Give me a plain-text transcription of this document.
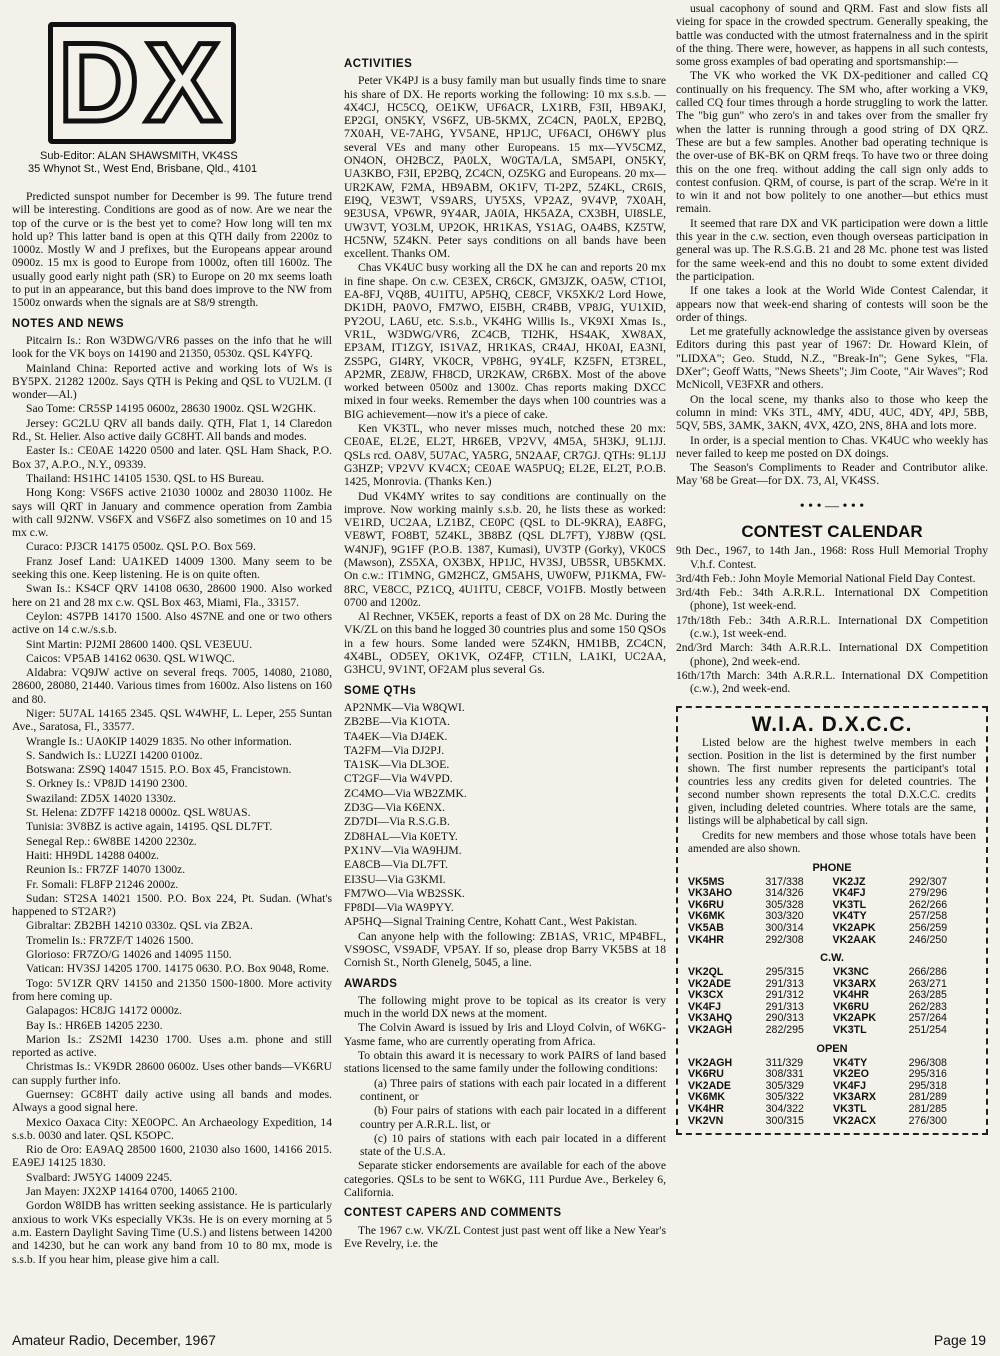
DX
Sub-Editor: ALAN SHAWSMITH, VK4SS
35 Whynot St., West End, Brisbane, Qld., 4101

Predicted sunspot number for December is 99. The future trend will be interesting. Conditions are good as of now. Are we near the top of the curve or is the best yet to come? How long will ten mx hold up? This latter band is open at this QTH daily from 2200z to 1000z. Mostly W and J prefixes, but the Europeans appear around 0900z. 15 mx is good to Europe from 1000z, often till 1600z. The usually good early night path (SR) to Europe on 20 mx seems loath to put in an appearance, but this band does improve to the NW from 1500z onwards when the signals are at S8/9 strength.

NOTES AND NEWS

Pitcairn Is.: Ron W3DWG/VR6 passes on the info that he will look for the VK boys on 14190 and 21350, 0530z. QSL K4YFQ.

Mainland China: Reported active and working lots of Ws is BY5PX. 21282 1200z. Says QTH is Peking and QSL to VU2LM. (I wonder—Al.)

Sao Tome: CR5SP 14195 0600z, 28630 1900z. QSL W2GHK.

Jersey: GC2LU QRV all bands daily. QTH, Flat 1, 14 Claredon Rd., St. Helier. Also active daily GC8HT. All bands and modes.

Easter Is.: CE0AE 14220 0500 and later. QSL Ham Shack, P.O. Box 37, A.P.O., N.Y., 09339.

Thailand: HS1HC 14105 1530. QSL to HS Bureau.

Hong Kong: VS6FS active 21030 1000z and 28030 1100z. He says will QRT in January and commence operation from Zambia with call 9J2NW. VS6FX and VS6FZ also sometimes on 10 and 15 mx c.w.

Curaco: PJ3CR 14175 0500z. QSL P.O. Box 569.

Franz Josef Land: UA1KED 14009 1300. Many seem to be seeking this one. Keep listening. He is on quite often.

Swan Is.: KS4CF QRV 14108 0630, 28600 1900. Also worked here on 21 and 28 mx c.w. QSL Box 463, Miami, Fla., 33157.

Ceylon: 4S7PB 14170 1500. Also 4S7NE and one or two others active on 14 c.w./s.s.b.

Sint Martin: PJ2MI 28600 1400. QSL VE3EUU.

Caicos: VP5AB 14162 0630. QSL W1WQC.

Aldabra: VQ9JW active on several freqs. 7005, 14080, 21080, 28600, 28080, 21440. Various times from 1600z. Also listens on 160 and 80.

Niger: 5U7AL 14165 2345. QSL W4WHF, L. Leper, 255 Suntan Ave., Saratosa, Fl., 33577.

Wrangle Is.: UA0KIP 14029 1835. No other information.

S. Sandwich Is.: LU2ZI 14200 0100z.

Botswana: ZS9Q 14047 1515. P.O. Box 45, Francistown.

S. Orkney Is.: VP8JD 14190 2300.

Swaziland: ZD5X 14020 1330z.

St. Helena: ZD7FF 14218 0000z. QSL W8UAS.

Tunisia: 3V8BZ is active again, 14195. QSL DL7FT.

Senegal Rep.: 6W8BE 14200 2230z.

Haiti: HH9DL 14288 0400z.

Reunion Is.: FR7ZF 14070 1300z.

Fr. Somali: FL8FP 21246 2000z.

Sudan: ST2SA 14021 1500. P.O. Box 224, Pt. Sudan. (What's happened to ST2AR?)

Gibraltar: ZB2BH 14210 0330z. QSL via ZB2A.

Tromelin Is.: FR7ZF/T 14026 1500.

Glorioso: FR7ZO/G 14026 and 14095 1150.

Vatican: HV3SJ 14205 1700. 14175 0630. P.O. Box 9048, Rome.

Togo: 5V1ZR QRV 14150 and 21350 1500-1800. More activity from here coming up.

Galapagos: HC8JG 14172 0000z.

Bay Is.: HR6EB 14205 2230.

Marion Is.: ZS2MI 14230 1700. Uses a.m. phone and still reported as active.

Christmas Is.: VK9DR 28600 0600z. Uses other bands—VK6RU can supply further info.

Guernsey: GC8HT daily active using all bands and modes. Always a good signal here.

Mexico Oaxaca City: XE0OPC. An Archaeology Expedition, 14 s.s.b. 0030 and later. QSL K5OPC.

Rio de Oro: EA9AQ 28500 1600, 21030 also 1600, 14166 2015. EA9EJ 14125 1830.

Svalbard: JW5YG 14009 2245.

Jan Mayen: JX2XP 14164 0700, 14065 2100.

Gordon W8IDB has written seeking assistance. He is particularly anxious to work VKs especially VK3s. He is on every morning at 5 a.m. Eastern Daylight Saving Time (U.S.) and listens between 14200 and 14230, but he can work any band from 10 to 80 mx, mode is s.s.b. If you hear him, please give him a call.

ACTIVITIES

Peter VK4PJ is a busy family man but usually finds time to snare his share of DX. He reports working the following: 10 mx s.s.b. —4X4CJ, HC5CQ, OE1KW, UF6ACR, LX1RB, F3II, HB9AKJ, EP2GI, ON5KY, VS6FZ, UB-5KMX, ZC4CN, PA0LX, EP2BQ, 7X0AH, VE-7AHG, YV5ANE, HP1JC, UF6ACI, OH6WY plus several VEs and many other Europeans. 15 mx—YV5CMZ, ON4ON, OH2BCZ, PA0LX, W0GTA/LA, SM5API, ON5KY, UA3KBO, F3II, EP2BQ, ZC4CN, OZ5KG and Europeans. 20 mx—UR2KAW, F2MA, HB9ABM, OK1FV, TI-2PZ, 5Z4KL, CR6IS, EI9Q, VE3WT, VS9ARS, UY5XS, VP2AZ, 9V4VP, 7X0AH, 9E3USA, VP6WR, 9Y4AR, JA0IA, HK5AZA, CX3BH, UI8SLE, UW3VT, YO3LM, UP2OK, HR1KAS, YS1AG, OA4BS, KZ5TW, HC5NW, 5Z4KN. Peter says conditions on all bands have been excellent. Thanks OM.

Chas VK4UC busy working all the DX he can and reports 20 mx in fine shape. On c.w. CE3EX, CR6CK, GM3JZK, OA5W, CT1OI, EA-8FJ, VQ8B, 4U1ITU, AP5HQ, CE8CF, VK5XK/2 Lord Howe, DK1DH, PA0VO, FM7WO, EI5BH, CR4BB, VP8JG, YU1XID, PY2OU, LA6U, etc. S.s.b., VK4HG Willis Is., VK9XI Xmas Is., VR1L, W3DWG/VR6, ZC4CB, TI2HK, HS4AK, XW8AX, EP3AM, IT1ZGY, IS1VAZ, HR1KAS, CR4AJ, HK0AI, EA3NI, ZS5PG, GI4RY, VK0CR, VP8HG, 9Y4LF, KZ5FN, ET3REL, AP2MR, ZE8JW, FH8CD, UR2KAW, CR6BX. Most of the above worked between 0500z and 1300z. Chas reports making DXCC mixed in four weeks. Remember the days when 100 countries was a BIG achievement—now it's a piece of cake.

Ken VK3TL, who never misses much, notched these 20 mx: CE0AE, EL2E, EL2T, HR6EB, VP2VV, 4M5A, 5H3KJ, 9L1JJ. QSLs rcd. OA8V, 5U7AC, YA5RG, 5N2AAF, CR7GJ. QTHs: 9L1JJ G3HZP; VP2VV KV4CX; CE0AE WA5PUQ; EL2E, EL2T, P.O.B. 1425, Monrovia. (Thanks Ken.)

Dud VK4MY writes to say conditions are continually on the improve. Now working mainly s.s.b. 20, he lists these as worked: VE1RD, UC2AA, LZ1BZ, CE0PC (QSL to DL-9KRA), EA8FG, VE8WT, FO8BT, 5Z4KL, 3B8BZ (QSL DL7FT), YJ8BW (QSL W4NJF), 9G1FF (P.O.B. 1387, Kumasi), UV3TP (Gorky), VK0CS (Mawson), ZS5XA, OX3BX, HP1JC, HV3SJ, UB5SR, UB5KMX. On c.w.: IT1MNG, GM2HCZ, GM5AHS, UW0FW, PJ1KMA, FW-8RC, VE8CC, PZ1CQ, 4U1ITU, CE8CF, VO1FB. Mostly between 0700 and 1200z.

Al Rechner, VK5EK, reports a feast of DX on 28 Mc. During the VK/ZL on this band he logged 30 countries plus and some 150 QSOs in a few hours. Some landed were 5Z4KN, HM1BB, ZC4CN, 4X4BL, OD5EY, OK1VK, OZ4FP, CT1LN, LA1KI, UC2AA, G3HCU, 9V1NT, OF2AM plus several Gs.

SOME QTHs

AP2NMK—Via W8QWI.

ZB2BE—Via K1OTA.

TA4EK—Via DJ4EK.

TA2FM—Via DJ2PJ.

TA1SK—Via DL3OE.

CT2GF—Via W4VPD.

ZC4MO—Via WB2ZMK.

ZD3G—Via K6ENX.

ZD7DI—Via R.S.G.B.

ZD8HAL—Via K0ETY.

PX1NV—Via WA9HJM.

EA8CB—Via DL7FT.

EI3SU—Via G3KMI.

FM7WO—Via WB2SSK.

FP8DI—Via WA9PYY.

AP5HQ—Signal Training Centre, Kohatt Cant., West Pakistan.

Can anyone help with the following: ZB1AS, VR1C, MP4BFL, VS9OSC, VS9ADF, VP5AY. If so, please drop Barry VK5BS at 18 Cornish St., North Glenelg, 5045, a line.

AWARDS

The following might prove to be topical as its creator is very much in the world DX news at the moment.

The Colvin Award is issued by Iris and Lloyd Colvin, of W6KG-Yasme fame, who are currently operating from Africa.

To obtain this award it is necessary to work PAIRS of land based stations licensed to the same family under the following conditions:

(a) Three pairs of stations with each pair located in a different continent, or

(b) Four pairs of stations with each pair located in a different country per A.R.R.L. list, or

(c) 10 pairs of stations with each pair located in a different state of the U.S.A.

Separate sticker endorsements are available for each of the above categories. QSLs to be sent to W6KG, 111 Purdue Ave., Berkeley 6, California.

CONTEST CAPERS AND COMMENTS

The 1967 c.w. VK/ZL Contest just past went off like a New Year's Eve Revelry, i.e. the

usual cacophony of sound and QRM. Fast and slow fists all vieing for space in the crowded spectrum. Generally speaking, the battle was conducted with the utmost fraternalness and in the spirit of the thing. There were, however, as happens in all such contests, some gross examples of bad operating and sportsmanship:—

The VK who worked the VK DX-peditioner and called CQ continually on his frequency. The SM who, after working a VK9, called CQ four times through a horde struggling to work the latter. The "big gun" who zero's in and takes over from the smaller fry when the latter is running through a good string of DX QRZ. These are but a few samples. Another bad operating technique is the over-use of BK-BK on QRM freqs. To have two or three doing this on the one freq. without adding the call sign only adds to contest confusion. QRM, of course, is part of the scrap. We're in it to win it and not bow politely to one another—but ethics must remain.

It seemed that rare DX and VK participation were down a little this year in the c.w. section, even though overseas participation in general was up. The R.S.G.B. 21 and 28 Mc. phone test was listed for the same week-end and this no doubt to some extent divided the participation.

If one takes a look at the World Wide Contest Calendar, it appears now that week-end sharing of contests will soon be the order of things.

Let me gratefully acknowledge the assistance given by overseas Editors during this past year of 1967: Dr. Howard Klein, of "LIDXA"; Geo. Studd, N.Z., "Break-In"; Gene Sykes, "Fla. DXer"; Geoff Watts, "News Sheets"; Jim Coote, "Air Waves"; Rod McNicoll, VE3FXR and others.

On the local scene, my thanks also to those who keep the column in mind: VKs 3TL, 4MY, 4DU, 4UC, 4DY, 4PJ, 5BB, 5QV, 5BS, 3AMK, 3AKN, 4VX, 4ZO, 2NS, 8HA and lots more.

In order, is a special mention to Chas. VK4UC who weekly has never failed to keep me posted on DX doings.

The Season's Compliments to Reader and Contributor alike. May '68 be Great—for DX. 73, Al, VK4SS.

• • • — • • •
CONTEST CALENDAR

9th Dec., 1967, to 14th Jan., 1968: Ross Hull Memorial Trophy V.h.f. Contest.

3rd/4th Feb.: John Moyle Memorial National Field Day Contest.

3rd/4th Feb.: 34th A.R.R.L. International DX Competition (phone), 1st week-end.

17th/18th Feb.: 34th A.R.R.L. International DX Competition (c.w.), 1st week-end.

2nd/3rd March: 34th A.R.R.L. International DX Competition (phone), 2nd week-end.

16th/17th March: 34th A.R.R.L. International DX Competition (c.w.), 2nd week-end.

W.I.A. D.X.C.C.

Listed below are the highest twelve members in each section. Position in the list is determined by the first number shown. The first number represents the participant's total countries less any credits given for deleted countries. The second number shown represents the total D.X.C.C. credits given, including deleted countries. Where totals are the same, listings will be alphabetical by call sign.

Credits for new members and those whose totals have been amended are also shown.

PHONE
VK5MS	317/338	VK2JZ	292/307
VK3AHO	314/326	VK4FJ	279/296
VK6RU	305/328	VK3TL	262/266
VK6MK	303/320	VK4TY	257/258
VK5AB	300/314	VK2APK	256/259
VK4HR	292/308	VK2AAK	246/250
C.W.
VK2QL	295/315	VK3NC	266/286
VK2ADE	291/313	VK3ARX	263/271
VK3CX	291/312	VK4HR	263/285
VK4FJ	291/313	VK6RU	262/283
VK3AHQ	290/313	VK2APK	257/264
VK2AGH	282/295	VK3TL	251/254
OPEN
VK2AGH	311/329	VK4TY	296/308
VK6RU	308/331	VK2EO	295/316
VK2ADE	305/329	VK4FJ	295/318
VK6MK	305/322	VK3ARX	281/289
VK4HR	304/322	VK3TL	281/285
VK2VN	300/315	VK2ACX	276/300
Amateur Radio, December, 1967	Page 19
